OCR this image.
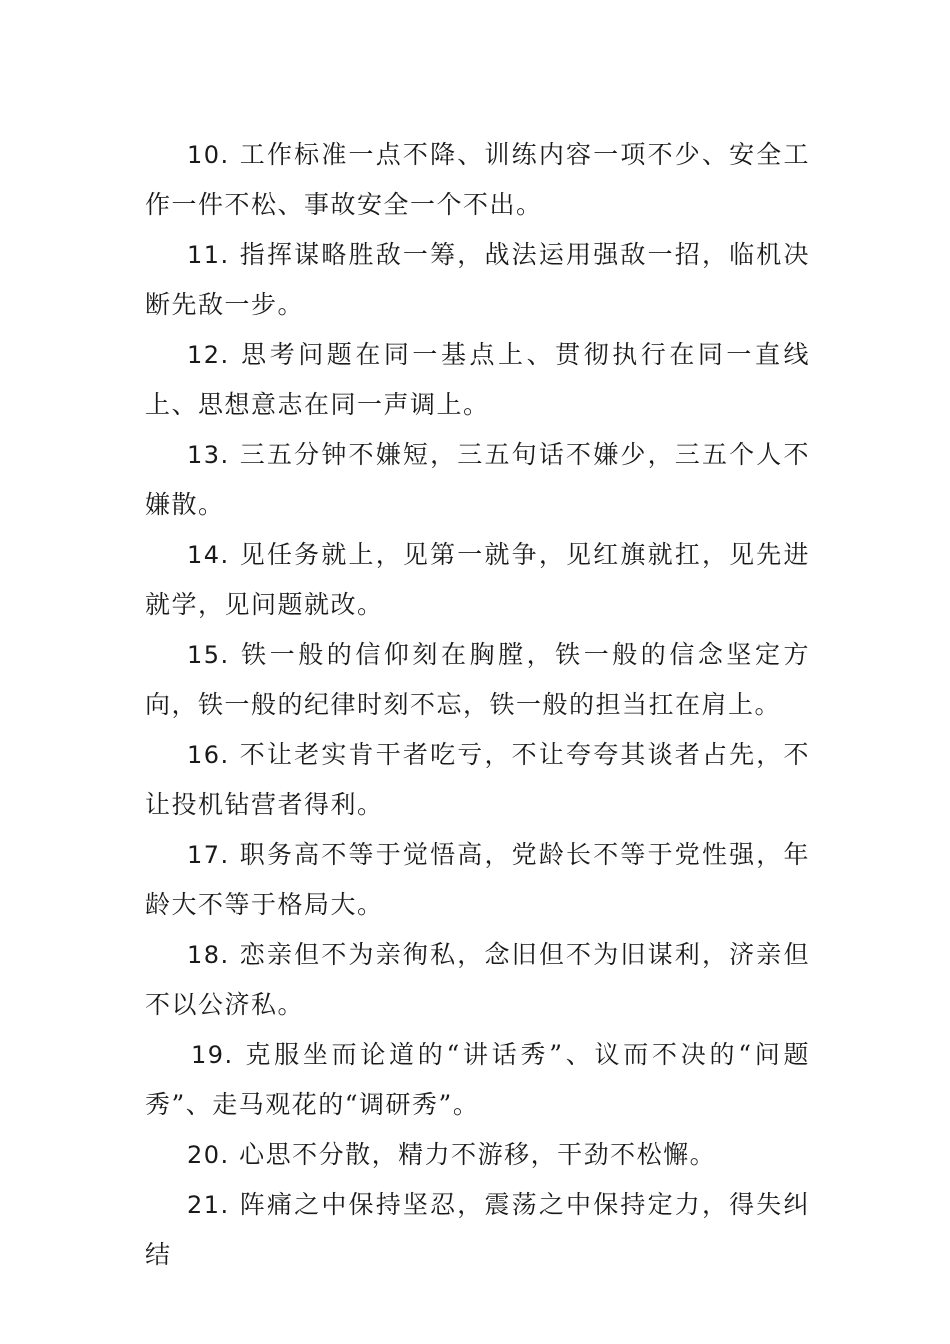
10. 工作标准一点不降、训练内容一项不少、安全工作一件不松、事故安全一个不出。

11. 指挥谋略胜敌一筹，战法运用强敌一招，临机决断先敌一步。

12. 思考问题在同一基点上、贯彻执行在同一直线上、思想意志在同一声调上。

13. 三五分钟不嫌短，三五句话不嫌少，三五个人不嫌散。

14. 见任务就上，见第一就争，见红旗就扛，见先进就学，见问题就改。

15. 铁一般的信仰刻在胸膛，铁一般的信念坚定方向，铁一般的纪律时刻不忘，铁一般的担当扛在肩上。

16. 不让老实肯干者吃亏，不让夸夸其谈者占先，不让投机钻营者得利。

17. 职务高不等于觉悟高，党龄长不等于党性强，年龄大不等于格局大。

18. 恋亲但不为亲徇私，念旧但不为旧谋利，济亲但不以公济私。

19. 克服坐而论道的“讲话秀”、议而不决的“问题秀”、走马观花的“调研秀”。

20. 心思不分散，精力不游移，干劲不松懈。

21. 阵痛之中保持坚忍，震荡之中保持定力，得失纠结
